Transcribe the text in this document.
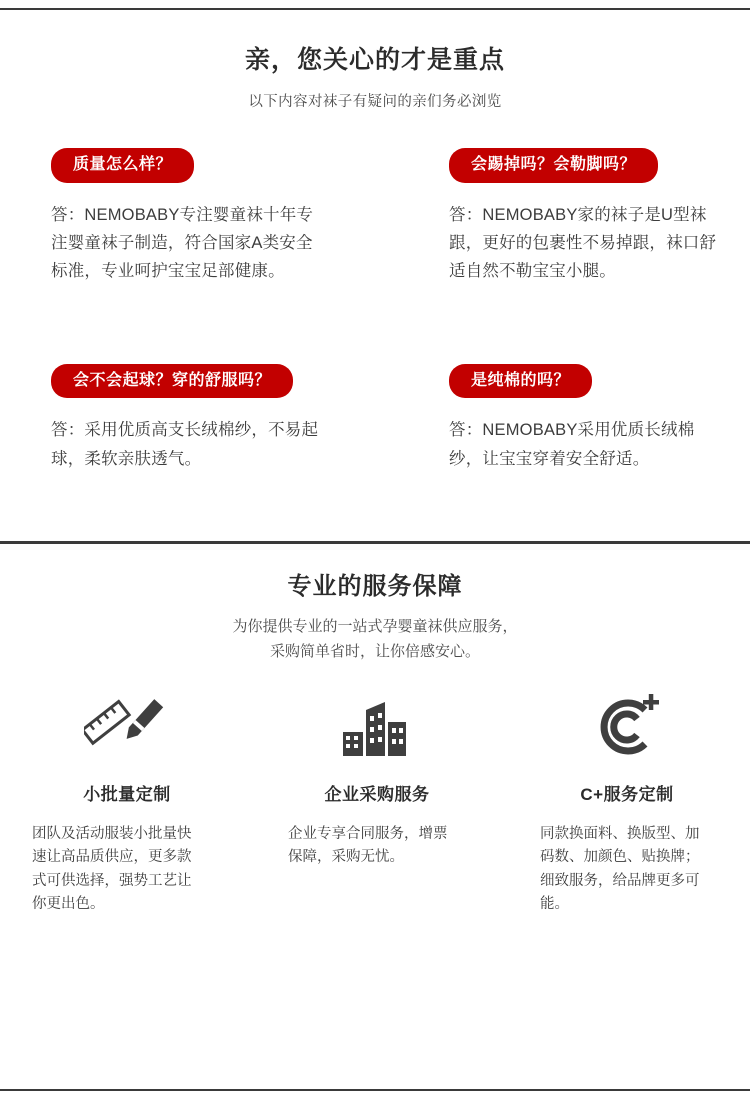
亲，您关心的才是重点
以下内容对袜子有疑问的亲们务必浏览
质量怎么样？
答：NEMOBABY专注婴童袜十年专注婴童袜子制造，符合国家A类安全标准，专业呵护宝宝足部健康。
会不会起球？穿的舒服吗？
答：采用优质高支长绒棉纱，不易起球，柔软亲肤透气。
会踢掉吗？会勒脚吗？
答：NEMOBABY家的袜子是U型袜跟，更好的包裹性不易掉跟，袜口舒适自然不勒宝宝小腿。
是纯棉的吗？
答：NEMOBABY采用优质长绒棉纱，让宝宝穿着安全舒适。
专业的服务保障
为你提供专业的一站式孕婴童袜供应服务，
采购简单省时，让你倍感安心。
小批量定制
团队及活动服装小批量快速让高品质供应，更多款式可供选择，强势工艺让你更出色。
企业采购服务
企业专享合同服务，增票保障，采购无忧。
C+服务定制
同款换面料、换版型、加码数、加颜色、贴换牌；细致服务，给品牌更多可能。
